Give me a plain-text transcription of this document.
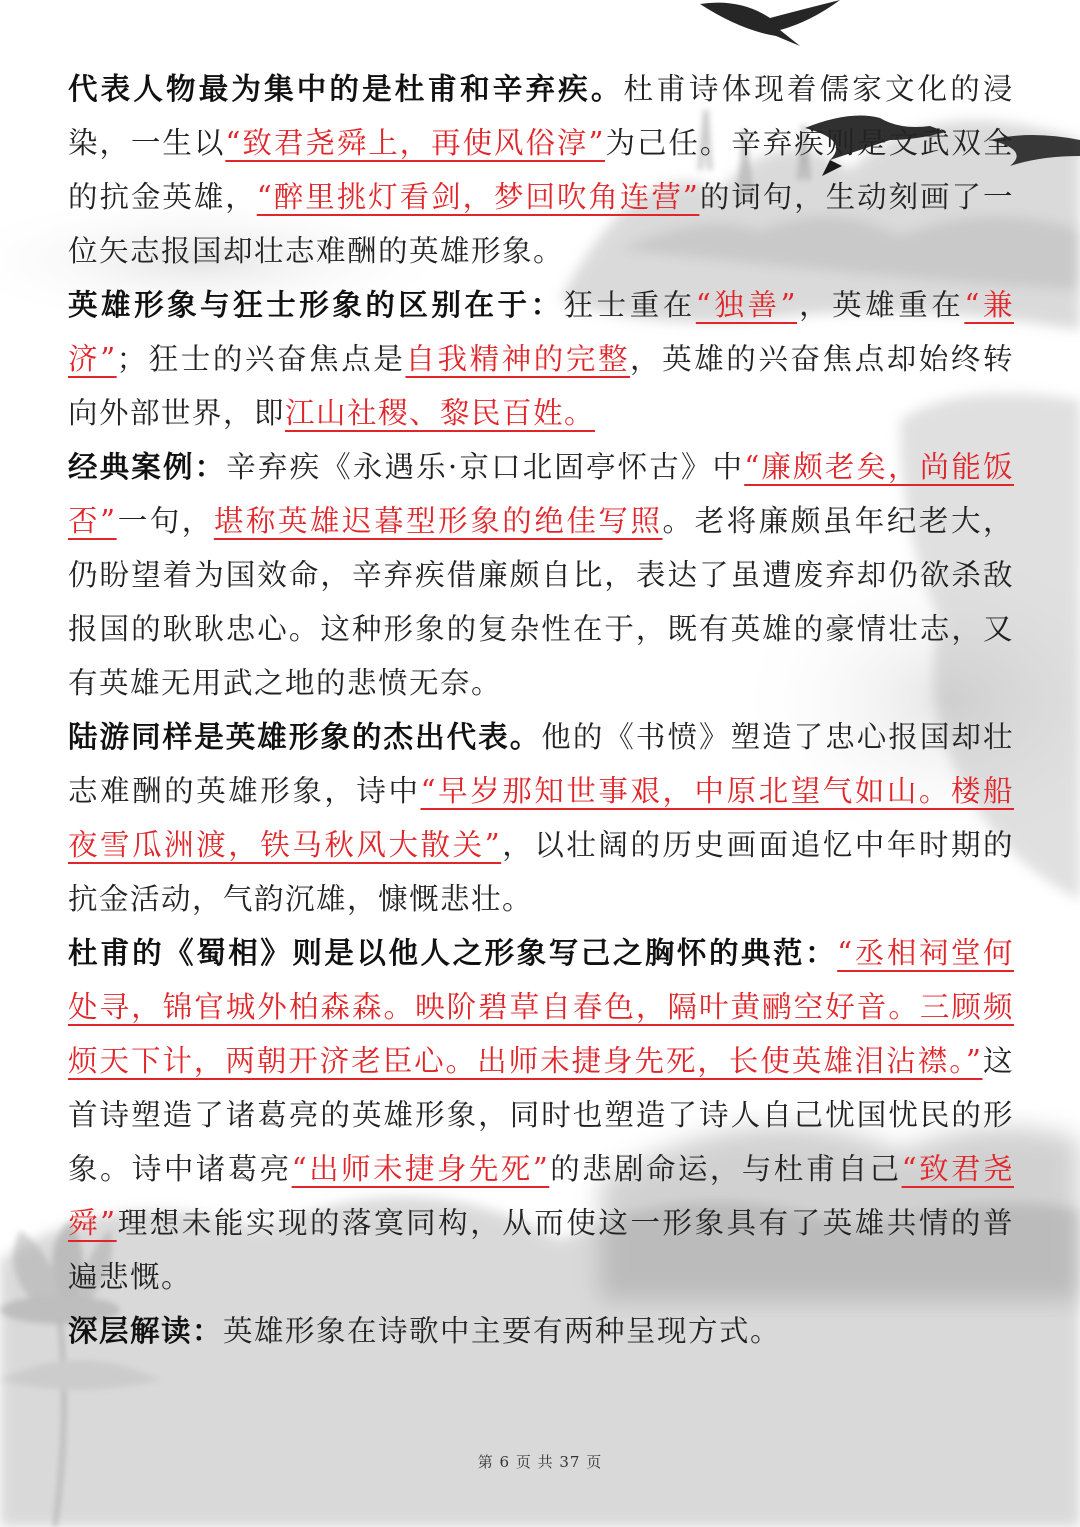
代表人物最为集中的是杜甫和辛弃疾。杜甫诗体现着儒家文化的浸染，一生以“致君尧舜上，再使风俗淳”为己任。辛弃疾则是文武双全的抗金英雄，“醉里挑灯看剑，梦回吹角连营”的词句，生动刻画了一位矢志报国却壮志难酬的英雄形象。
英雄形象与狂士形象的区别在于：狂士重在“独善”，英雄重在“兼济”；狂士的兴奋焦点是自我精神的完整，英雄的兴奋焦点却始终转向外部世界，即江山社稷、黎民百姓。
经典案例：辛弃疾《永遇乐·京口北固亭怀古》中“廉颇老矣，尚能饭否”一句，堪称英雄迟暮型形象的绝佳写照。老将廉颇虽年纪老大，仍盼望着为国效命，辛弃疾借廉颇自比，表达了虽遭废弃却仍欲杀敌报国的耿耿忠心。这种形象的复杂性在于，既有英雄的豪情壮志，又有英雄无用武之地的悲愤无奈。
陆游同样是英雄形象的杰出代表。他的《书愤》塑造了忠心报国却壮志难酬的英雄形象，诗中“早岁那知世事艰，中原北望气如山。楼船夜雪瓜洲渡，铁马秋风大散关”，以壮阔的历史画面追忆中年时期的抗金活动，气韵沉雄，慷慨悲壮。
杜甫的《蜀相》则是以他人之形象写己之胸怀的典范：“丞相祠堂何处寻，锦官城外柏森森。映阶碧草自春色，隔叶黄鹂空好音。三顾频烦天下计，两朝开济老臣心。出师未捷身先死，长使英雄泪沾襟。”这首诗塑造了诸葛亮的英雄形象，同时也塑造了诗人自己忧国忧民的形象。诗中诸葛亮“出师未捷身先死”的悲剧命运，与杜甫自己“致君尧舜”理想未能实现的落寞同构，从而使这一形象具有了英雄共情的普遍悲慨。
深层解读：英雄形象在诗歌中主要有两种呈现方式。
第 6 页 共 37 页
